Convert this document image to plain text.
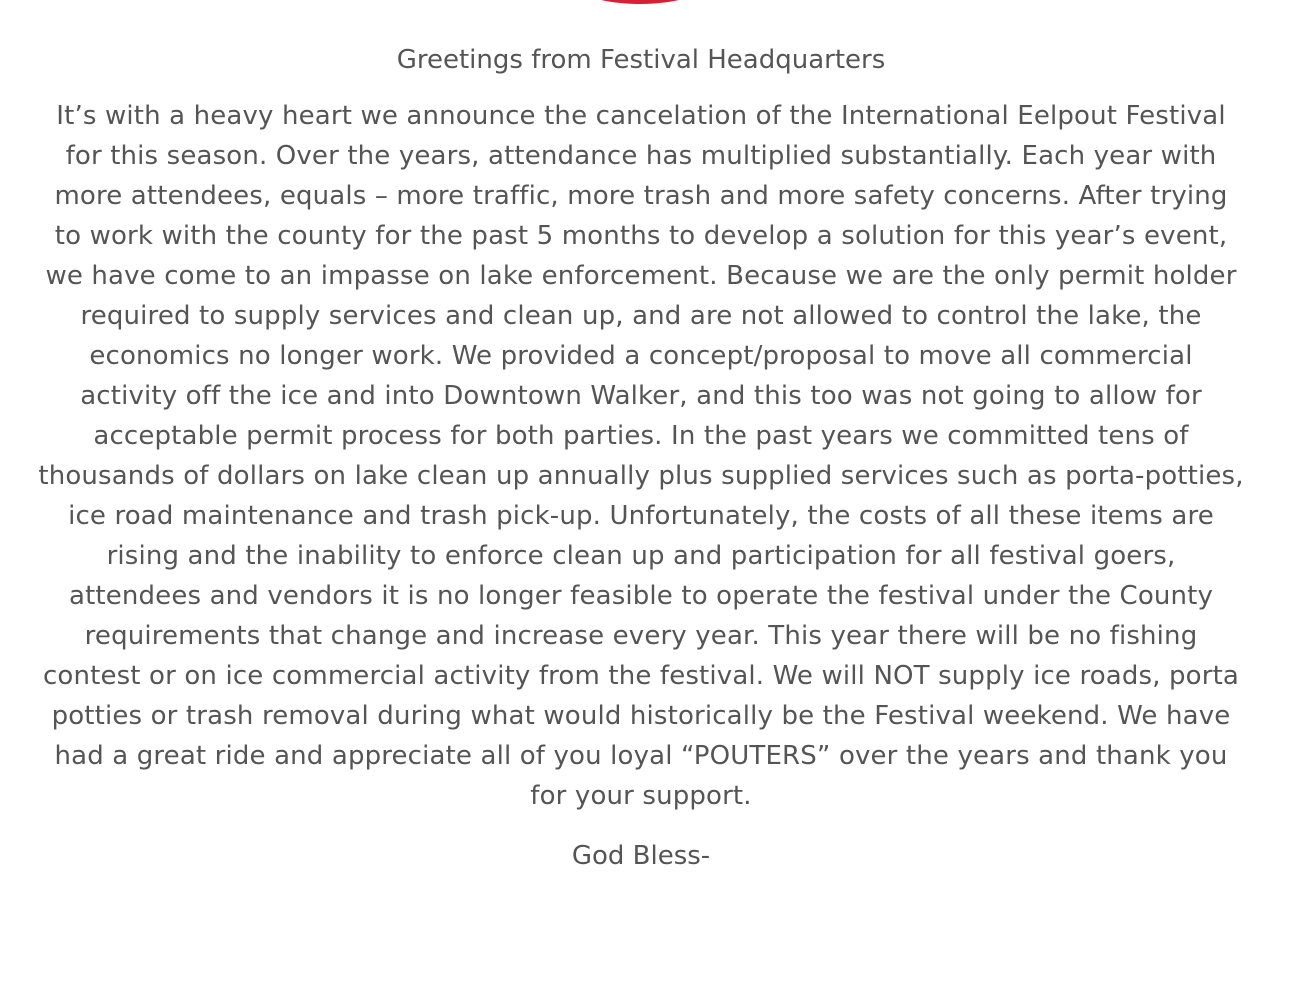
Greetings from Festival Headquarters

It’s with a heavy heart we announce the cancelation of the International Eelpout Festival for this season. Over the years, attendance has multiplied substantially. Each year with more attendees, equals – more traffic, more trash and more safety concerns. After trying to work with the county for the past 5 months to develop a solution for this year’s event, we have come to an impasse on lake enforcement. Because we are the only permit holder required to supply services and clean up, and are not allowed to control the lake, the economics no longer work. We provided a concept/proposal to move all commercial activity off the ice and into Downtown Walker, and this too was not going to allow for acceptable permit process for both parties. In the past years we committed tens of thousands of dollars on lake clean up annually plus supplied services such as porta-potties, ice road maintenance and trash pick-up. Unfortunately, the costs of all these items are rising and the inability to enforce clean up and participation for all festival goers, attendees and vendors it is no longer feasible to operate the festival under the County requirements that change and increase every year. This year there will be no fishing contest or on ice commercial activity from the festival. We will NOT supply ice roads, porta potties or trash removal during what would historically be the Festival weekend. We have had a great ride and appreciate all of you loyal “POUTERS” over the years and thank you for your support.

God Bless-
